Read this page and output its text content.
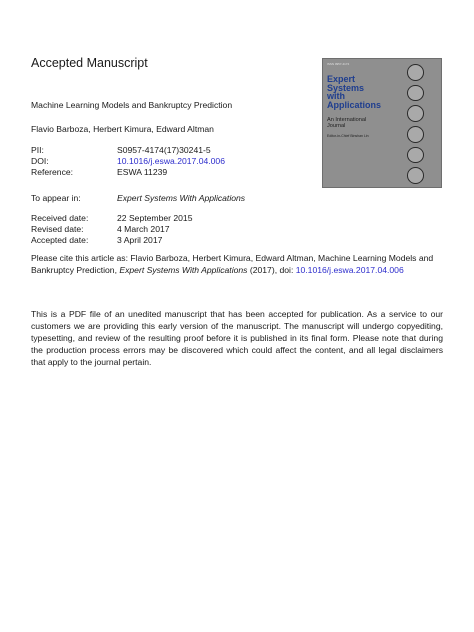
Accepted Manuscript
Machine Learning Models and Bankruptcy Prediction
Flavio Barboza, Herbert Kimura, Edward Altman
PII:	S0957-4174(17)30241-5
DOI:	10.1016/j.eswa.2017.04.006
Reference:	ESWA 11239
To appear in:	Expert Systems With Applications
Received date:	22 September 2015
Revised date:	4 March 2017
Accepted date:	3 April 2017
Please cite this article as: Flavio Barboza, Herbert Kimura, Edward Altman, Machine Learning Models and Bankruptcy Prediction, Expert Systems With Applications (2017), doi: 10.1016/j.eswa.2017.04.006
This is a PDF file of an unedited manuscript that has been accepted for publication. As a service to our customers we are providing this early version of the manuscript. The manuscript will undergo copyediting, typesetting, and review of the resulting proof before it is published in its final form. Please note that during the production process errors may be discovered which could affect the content, and all legal disclaimers that apply to the journal pertain.
ISSN 0957-4174
Expert
Systems
with
Applications
An International Journal
Editor-in-Chief Binshan Lin
